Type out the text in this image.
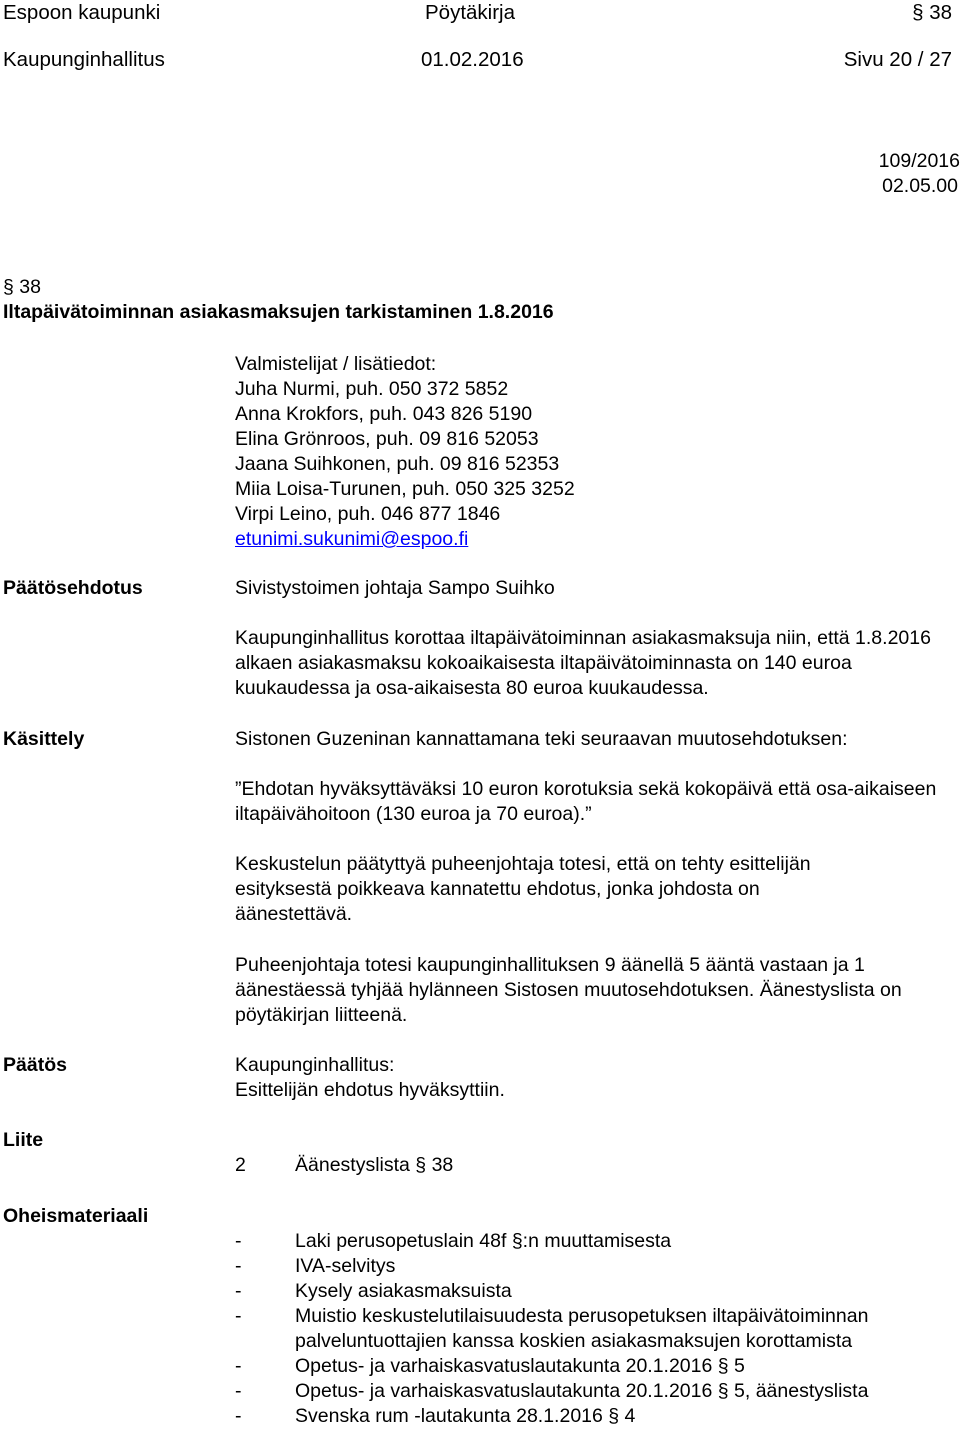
Espoon kaupunki	Pöytäkirja	§ 38
Kaupunginhallitus	01.02.2016	Sivu 20 / 27
109/2016
02.05.00
§ 38
Iltapäivätoiminnan asiakasmaksujen tarkistaminen 1.8.2016
Valmistelijat / lisätiedot:
Juha Nurmi, puh. 050 372 5852
Anna Krokfors, puh. 043 826 5190
Elina Grönroos, puh. 09 816 52053
Jaana Suihkonen, puh. 09 816 52353
Miia Loisa-Turunen, puh. 050 325 3252
Virpi Leino, puh. 046 877 1846
etunimi.sukunimi@espoo.fi
Päätösehdotus	Sivistystoimen johtaja Sampo Suihko
Kaupunginhallitus korottaa iltapäivätoiminnan asiakasmaksuja niin, että 1.8.2016 alkaen asiakasmaksu kokoaikaisesta iltapäivätoiminnasta on 140 euroa kuukaudessa ja osa-aikaisesta 80 euroa kuukaudessa.
Käsittely	Sistonen Guzeninan kannattamana teki seuraavan muutosehdotuksen:
”Ehdotan hyväksyttäväksi 10 euron korotuksia sekä kokopäivä että osa-aikaiseen iltapäivähoitoon (130 euroa ja 70 euroa).”
Keskustelun päätyttyä puheenjohtaja totesi, että on tehty esittelijän esityksestä poikkeava kannatettu ehdotus, jonka johdosta on äänestettävä.
Puheenjohtaja totesi kaupunginhallituksen 9 äänellä 5 ääntä vastaan ja 1 äänestäessä tyhjää hylänneen Sistosen muutosehdotuksen. Äänestyslista on pöytäkirjan liitteenä.
Päätös	Kaupunginhallitus:
Esittelijän ehdotus hyväksyttiin.
Liite
2	Äänestyslista § 38
Oheismateriaali
-	Laki perusopetuslain 48f §:n muuttamisesta
-	IVA-selvitys
-	Kysely asiakasmaksuista
-	Muistio keskustelutilaisuudesta perusopetuksen iltapäivätoiminnan palveluntuottajien kanssa koskien asiakasmaksujen korottamista
-	Opetus- ja varhaiskasvatuslautakunta 20.1.2016 § 5
-	Opetus- ja varhaiskasvatuslautakunta 20.1.2016 § 5, äänestyslista
-	Svenska rum -lautakunta 28.1.2016 § 4
